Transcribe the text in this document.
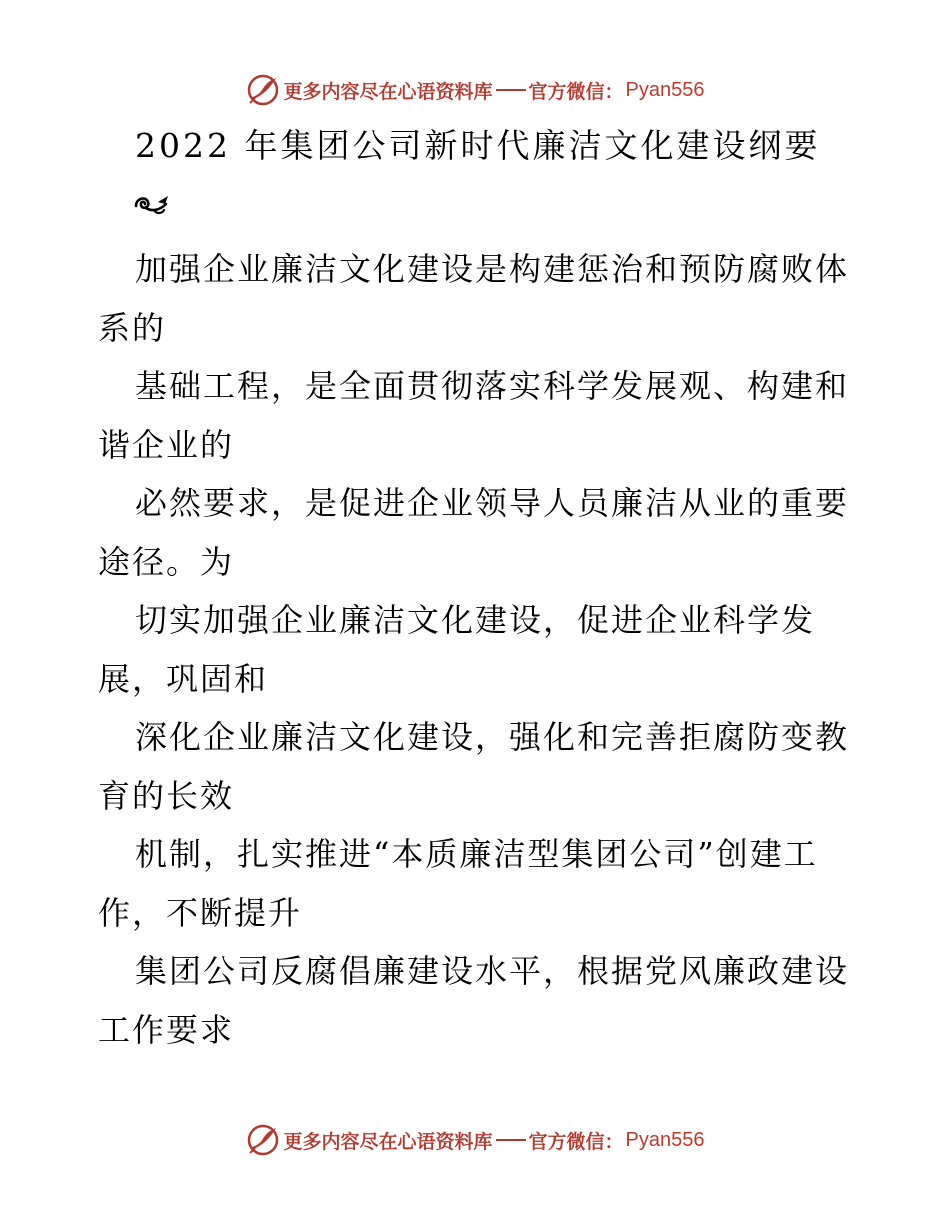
更多内容尽在心语资料库 官方微信： Pyan556
2022 年集团公司新时代廉洁文化建设纲要
加强企业廉洁文化建设是构建惩治和预防腐败体
系的
基础工程，是全面贯彻落实科学发展观、构建和
谐企业的
必然要求，是促进企业领导人员廉洁从业的重要
途径。为
切实加强企业廉洁文化建设，促进企业科学发
展，巩固和
深化企业廉洁文化建设，强化和完善拒腐防变教
育的长效
机制，扎实推进“本质廉洁型集团公司”创建工
作，不断提升
集团公司反腐倡廉建设水平，根据党风廉政建设
工作要求
更多内容尽在心语资料库 官方微信： Pyan556
